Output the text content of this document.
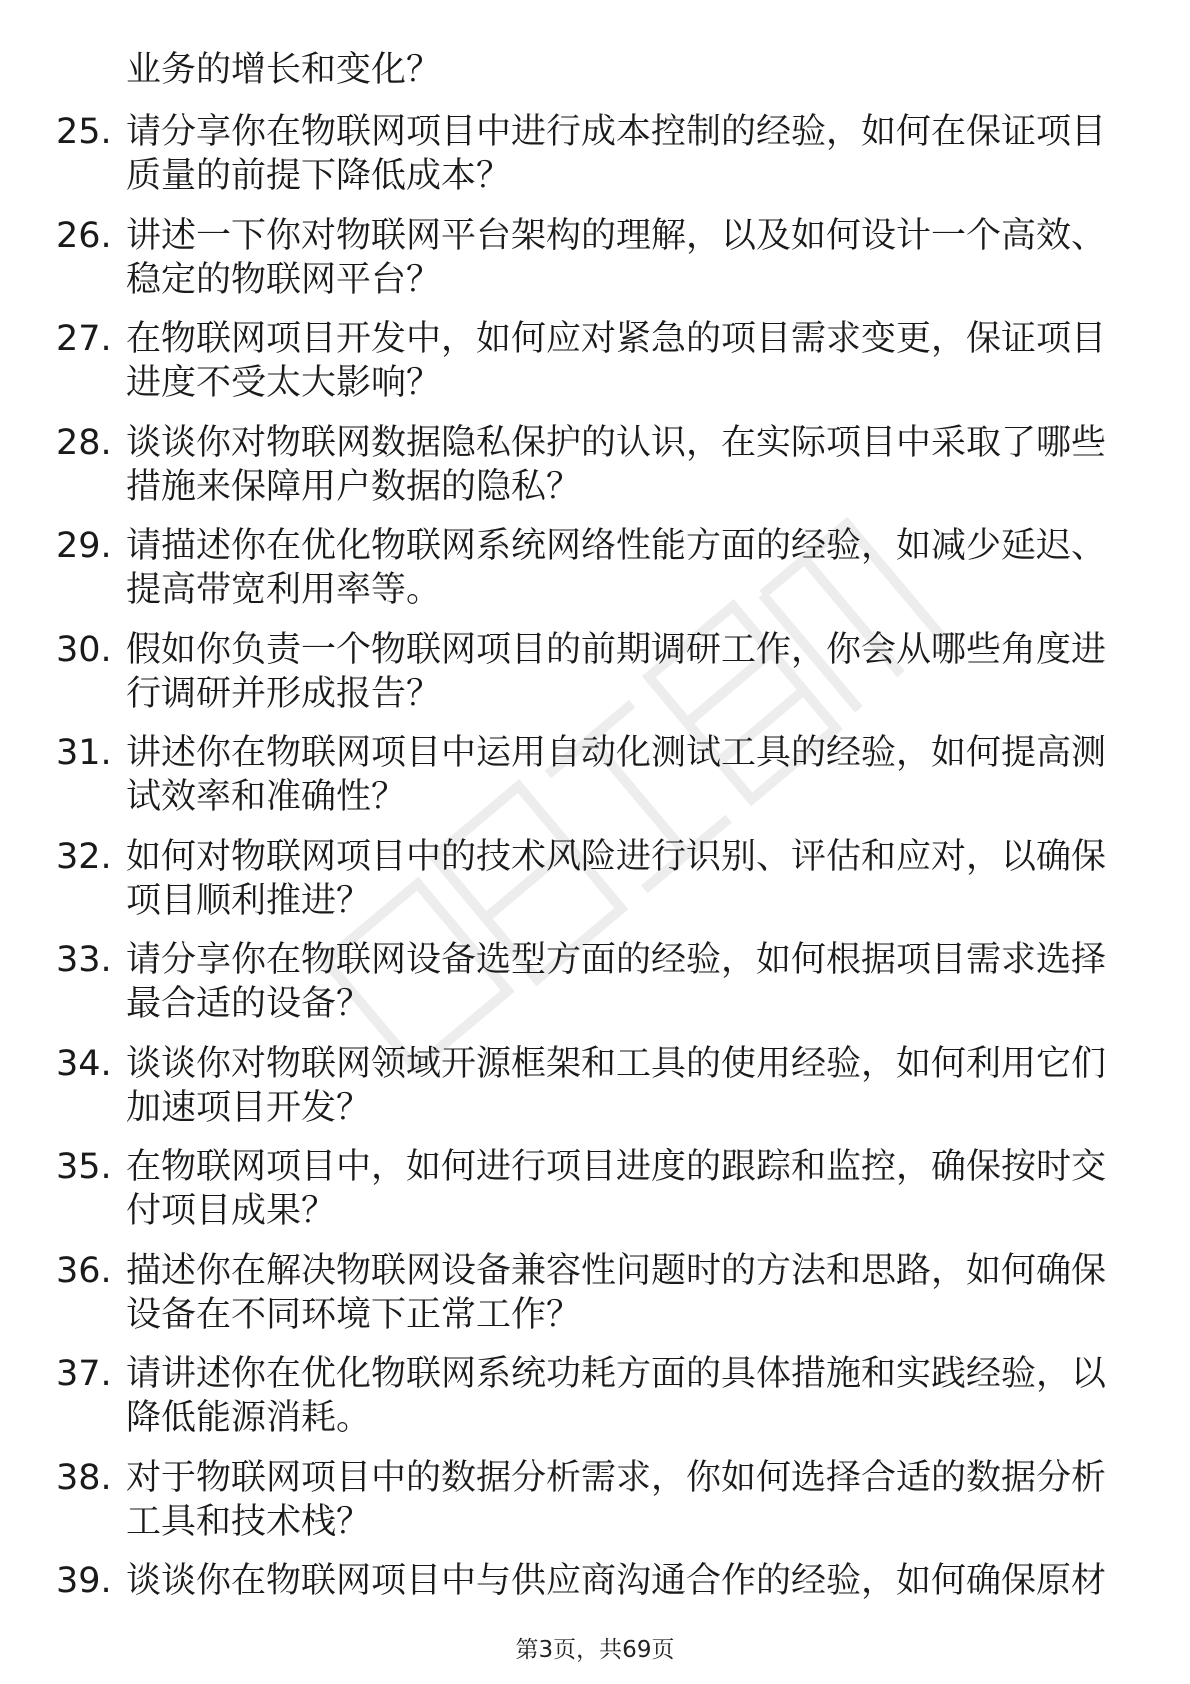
业务的增长和变化？
25. 请分享你在物联网项目中进行成本控制的经验，如何在保证项目质量的前提下降低成本？
26. 讲述一下你对物联网平台架构的理解，以及如何设计一个高效、稳定的物联网平台？
27. 在物联网项目开发中，如何应对紧急的项目需求变更，保证项目进度不受太大影响？
28. 谈谈你对物联网数据隐私保护的认识，在实际项目中采取了哪些措施来保障用户数据的隐私？
29. 请描述你在优化物联网系统网络性能方面的经验，如减少延迟、提高带宽利用率等。
30. 假如你负责一个物联网项目的前期调研工作，你会从哪些角度进行调研并形成报告？
31. 讲述你在物联网项目中运用自动化测试工具的经验，如何提高测试效率和准确性？
32. 如何对物联网项目中的技术风险进行识别、评估和应对，以确保项目顺利推进？
33. 请分享你在物联网设备选型方面的经验，如何根据项目需求选择最合适的设备？
34. 谈谈你对物联网领域开源框架和工具的使用经验，如何利用它们加速项目开发？
35. 在物联网项目中，如何进行项目进度的跟踪和监控，确保按时交付项目成果？
36. 描述你在解决物联网设备兼容性问题时的方法和思路，如何确保设备在不同环境下正常工作？
37. 请讲述你在优化物联网系统功耗方面的具体措施和实践经验，以降低能源消耗。
38. 对于物联网项目中的数据分析需求，你如何选择合适的数据分析工具和技术栈？
39. 谈谈你在物联网项目中与供应商沟通合作的经验，如何确保原材
第3页，共69页
